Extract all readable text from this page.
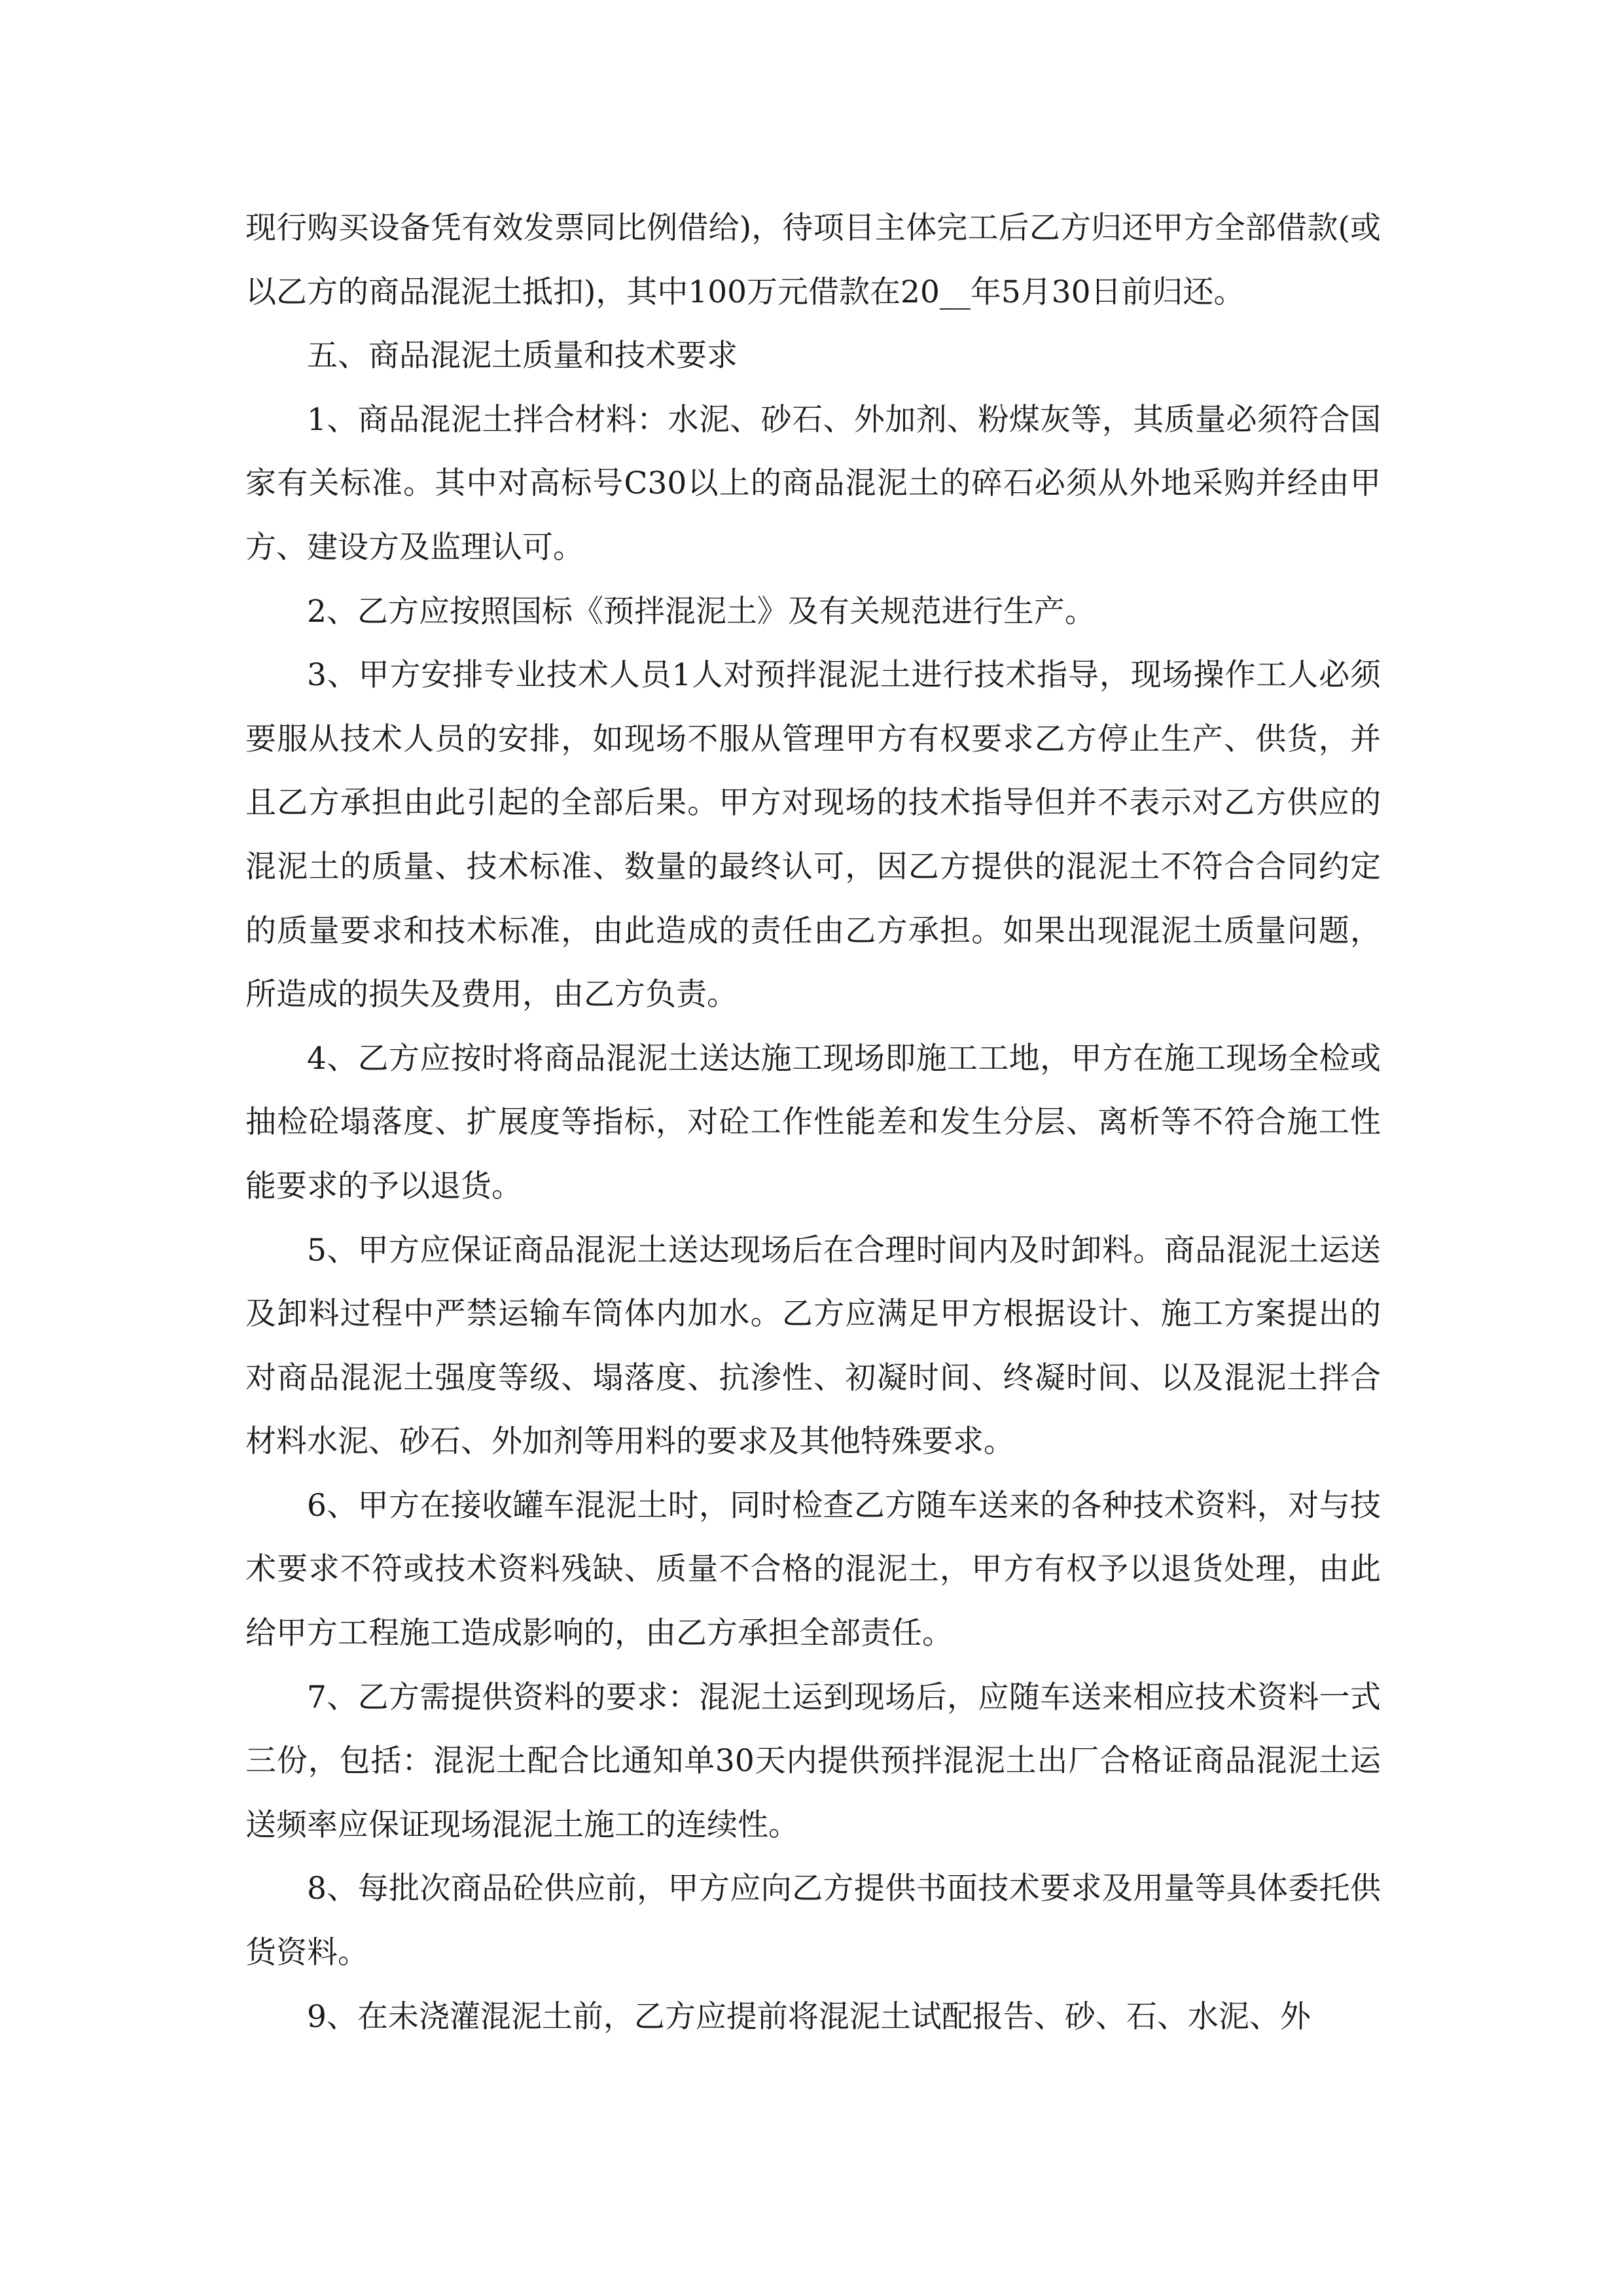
现行购买设备凭有效发票同比例借给)，待项目主体完工后乙方归还甲方全部借款(或以乙方的商品混泥土抵扣)，其中100万元借款在20__年5月30日前归还。

五、商品混泥土质量和技术要求

1、商品混泥土拌合材料：水泥、砂石、外加剂、粉煤灰等，其质量必须符合国家有关标准。其中对高标号C30以上的商品混泥土的碎石必须从外地采购并经由甲方、建设方及监理认可。

2、乙方应按照国标《预拌混泥土》及有关规范进行生产。

3、甲方安排专业技术人员1人对预拌混泥土进行技术指导，现场操作工人必须要服从技术人员的安排，如现场不服从管理甲方有权要求乙方停止生产、供货，并且乙方承担由此引起的全部后果。甲方对现场的技术指导但并不表示对乙方供应的混泥土的质量、技术标准、数量的最终认可，因乙方提供的混泥土不符合合同约定的质量要求和技术标准，由此造成的责任由乙方承担。如果出现混泥土质量问题，所造成的损失及费用，由乙方负责。

4、乙方应按时将商品混泥土送达施工现场即施工工地，甲方在施工现场全检或抽检砼塌落度、扩展度等指标，对砼工作性能差和发生分层、离析等不符合施工性能要求的予以退货。

5、甲方应保证商品混泥土送达现场后在合理时间内及时卸料。商品混泥土运送及卸料过程中严禁运输车筒体内加水。乙方应满足甲方根据设计、施工方案提出的对商品混泥土强度等级、塌落度、抗渗性、初凝时间、终凝时间、以及混泥土拌合材料水泥、砂石、外加剂等用料的要求及其他特殊要求。

6、甲方在接收罐车混泥土时，同时检查乙方随车送来的各种技术资料，对与技术要求不符或技术资料残缺、质量不合格的混泥土，甲方有权予以退货处理，由此给甲方工程施工造成影响的，由乙方承担全部责任。

7、乙方需提供资料的要求：混泥土运到现场后，应随车送来相应技术资料一式三份，包括：混泥土配合比通知单30天内提供预拌混泥土出厂合格证商品混泥土运送频率应保证现场混泥土施工的连续性。

8、每批次商品砼供应前，甲方应向乙方提供书面技术要求及用量等具体委托供货资料。

9、在未浇灌混泥土前，乙方应提前将混泥土试配报告、砂、石、水泥、外
